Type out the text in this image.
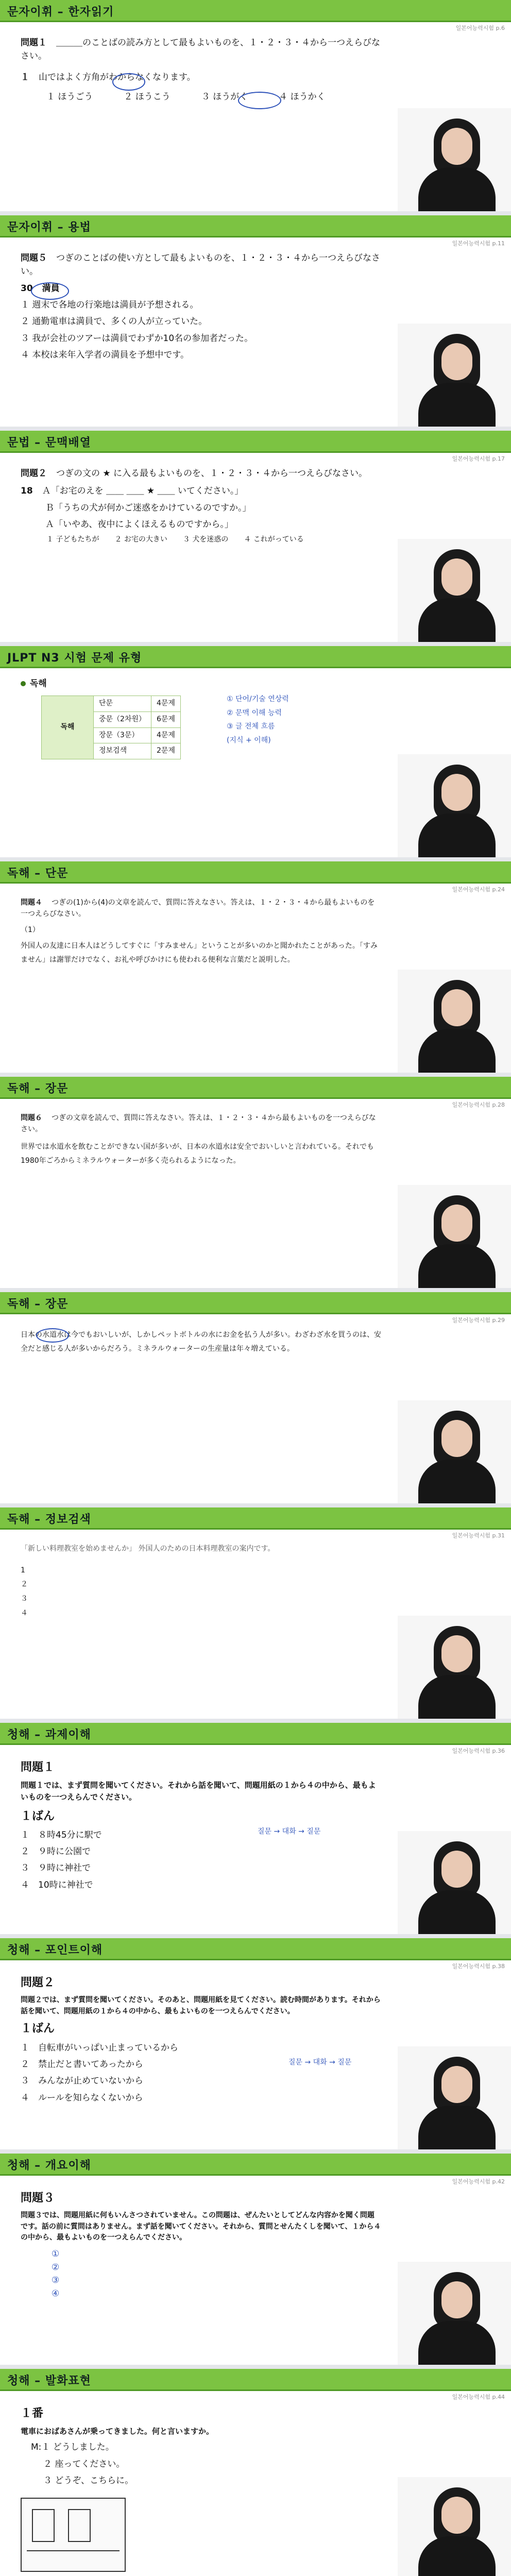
문자이휘 – 한자읽기
일본어능력시험 p.6

問題１ ＿＿＿のことばの読み方として最もよいものを、１・２・３・４から一つえらびなさい。

１ 山ではよく方角がわからなくなります。

１ ほうごう	２ ほうこう	３ ほうがく	４ ほうかく
문자이휘 – 용법
일본어능력시험 p.11

問題５ つぎのことばの使い方として最もよいものを、１・２・３・４から一つえらびなさい。

30 満員

１ 週末で各地の行楽地は満員が予想される。

２ 通勤電車は満員で、多くの人が立っていた。

３ 我が会社のツアーは満員でわずか10名の参加者だった。

４ 本校は来年入学者の満員を予想中です。

문법 – 문맥배열
일본어능력시험 p.17

問題２ つぎの文の ★ に入る最もよいものを、１・２・３・４から一つえらびなさい。

18 Ａ「お宅のえを ＿＿ ＿＿ ★ ＿＿ いてください。」

Ｂ「うちの犬が何かご迷惑をかけているのですか。」

Ａ「いやあ、夜中によくほえるものですから。」

１ 子どもたちが ２ お宅の大きい ３ 犬を迷惑の ４ これがっている
JLPT N3 시험 문제 유형

독해

독해	단문	4문제
	중문（2차원）	6문제
	장문（3문）	4문제
	정보검색	2문제
① 단어/기술 연상력
② 문맥 이해 능력
③ 글 전체 흐름
(지식 + 이해)
독해 – 단문
일본어능력시험 p.24

問題４ つぎの(1)から(4)の文章を読んで、質問に答えなさい。答えは、１・２・３・４から最もよいものを一つえらびなさい。

（1）

外国人の友達に日本人はどうしてすぐに「すみません」ということが多いのかと聞かれたことがあった。「すみません」は謝罪だけでなく、お礼や呼びかけにも使われる便利な言葉だと説明した。

독해 – 장문
일본어능력시험 p.28

問題６ つぎの文章を読んで、質問に答えなさい。答えは、１・２・３・４から最もよいものを一つえらびなさい。

世界では水道水を飲むことができない国が多いが、日本の水道水は安全でおいしいと言われている。それでも1980年ごろからミネラルウォーターが多く売られるようになった。

독해 – 장문
일본어능력시험 p.29

日本の水道水は今でもおいしいが、しかしペットボトルの水にお金を払う人が多い。わざわざ水を買うのは、安全だと感じる人が多いからだろう。ミネラルウォーターの生産量は年々増えている。

독해 – 정보검색
일본어능력시험 p.31

「新しい料理教室を始めませんか」 外国人のための日本料理教室の案内です。

1

２

３

４

청해 – 과제이해
일본어능력시험 p.36

問題１

問題１では、まず質問を聞いてください。それから話を聞いて、問題用紙の１から４の中から、最もよいものを一つえらんでください。

１ばん

１　８時45分に駅で

２　９時に公園で

３　９時に神社で

４　10時に神社で

질문 → 대화 → 질문
청해 – 포인트이해
일본어능력시험 p.38

問題２

問題２では、まず質問を聞いてください。そのあと、問題用紙を見てください。読む時間があります。それから話を聞いて、問題用紙の１から４の中から、最もよいものを一つえらんでください。

１ばん

１　自転車がいっぱい止まっているから

２　禁止だと書いてあったから

３　みんなが止めていないから

４　ルールを知らなくないから

질문 → 대화 → 질문
청해 – 개요이해
일본어능력시험 p.42

問題３

問題３では、問題用紙に何もいんさつされていません。この問題は、ぜんたいとしてどんな内容かを聞く問題です。話の前に質問はありません。まず話を聞いてください。それから、質問とせんたくしを聞いて、１から４の中から、最もよいものを一つえらんでください。

①
②
③
④
청해 – 발화표현
일본어능력시험 p.44

１番

電車におばあさんが乗ってきました。何と言いますか。

M:１ どうしました。

２ 座ってください。

３ どうぞ、こちらに。
